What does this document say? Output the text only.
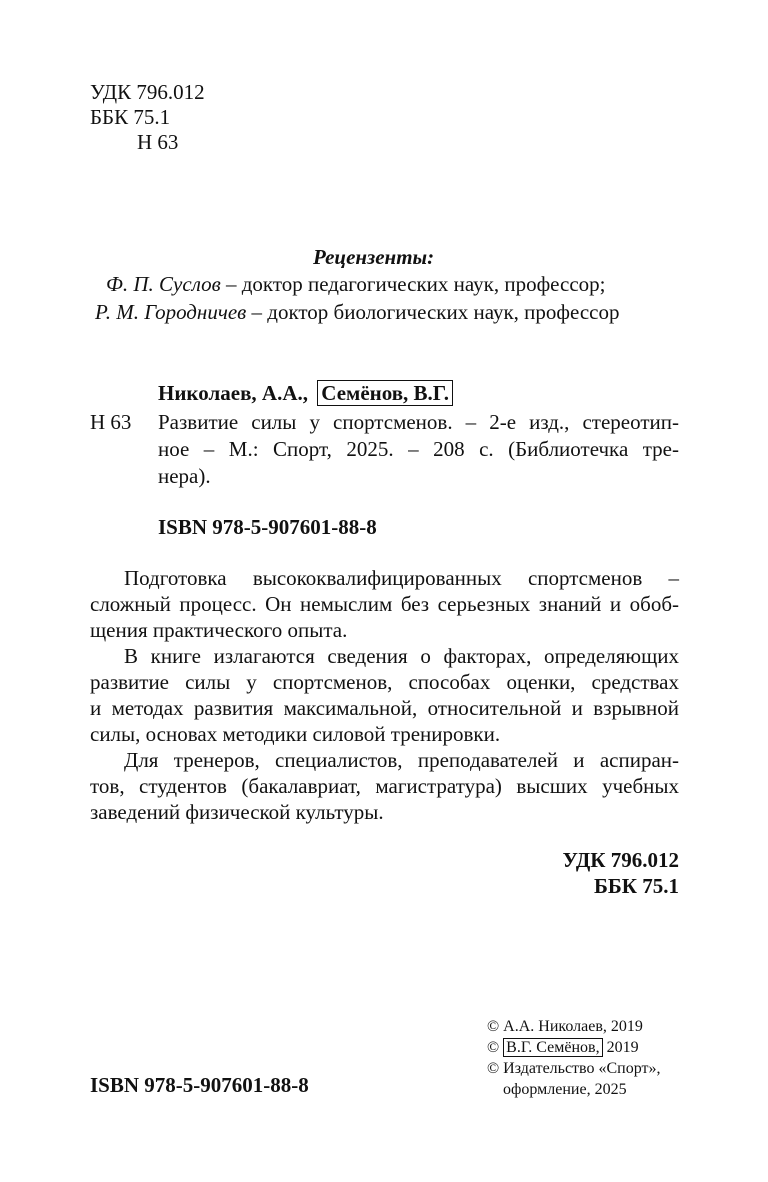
УДК 796.012
ББК 75.1
Н 63
Рецензенты:
Ф. П. Суслов – доктор педагогических наук, профессор;
Р. М. Городничев – доктор биологических наук, профессор
Николаев, А.А., Семёнов, В.Г.
Н 63 Развитие силы у спортсменов. – 2-е изд., стереотип-
ное – М.: Спорт, 2025. – 208 с. (Библиотечка тре-
нера).
ISBN 978-5-907601-88-8
Подготовка высококвалифицированных спортсменов –
сложный процесс. Он немыслим без серьезных знаний и обоб-
щения практического опыта.
В книге излагаются сведения о факторах, определяющих
развитие силы у спортсменов, способах оценки, средствах
и методах развития максимальной, относительной и взрывной
силы, основах методики силовой тренировки.
Для тренеров, специалистов, преподавателей и аспиран-
тов, студентов (бакалавриат, магистратура) высших учебных
заведений физической культуры.
УДК 796.012
ББК 75.1
ISBN 978-5-907601-88-8
© А.А. Николаев, 2019
© В.Г. Семёнов, 2019
© Издательство «Спорт»,
оформление, 2025
